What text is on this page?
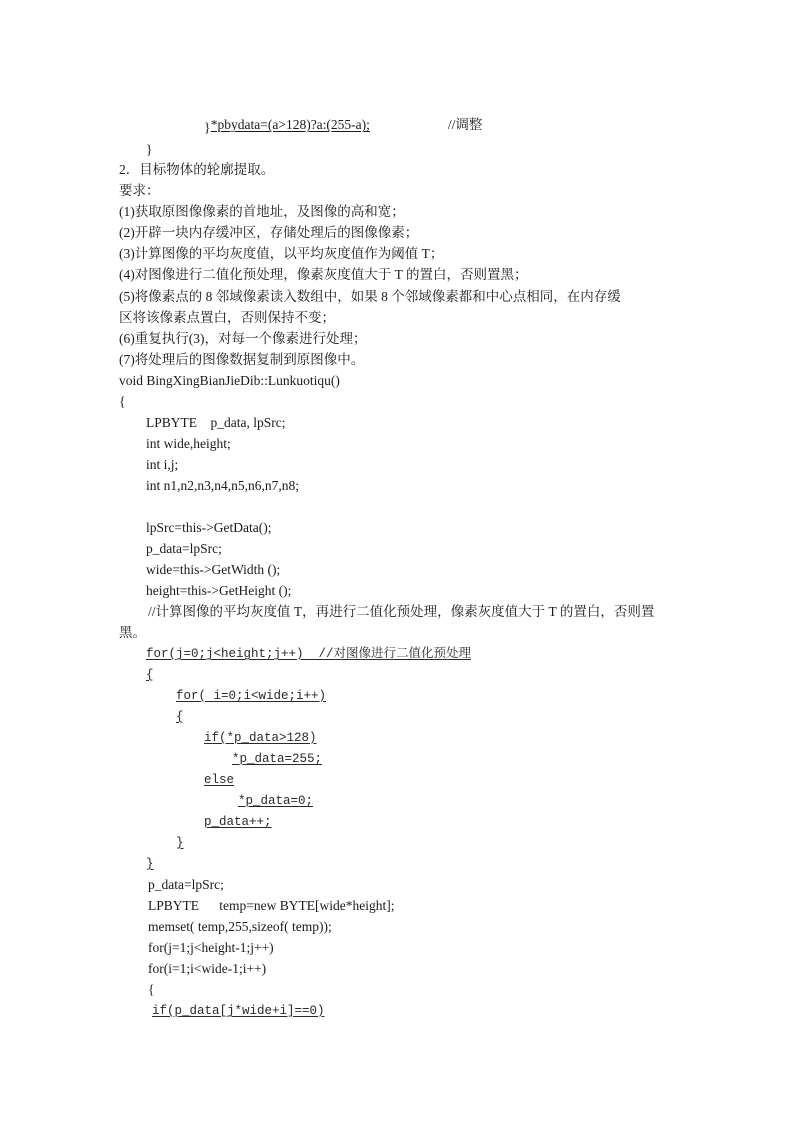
*pbydata=(a>128)?a:(255-a);	//调整

}
}
2．目标物体的轮廓提取。
要求：
(1)获取原图像像素的首地址，及图像的高和宽；
(2)开辟一块内存缓冲区，存储处理后的图像像素；
(3)计算图像的平均灰度值，以平均灰度值作为阈值 T；
(4)对图像进行二值化预处理，像素灰度值大于 T 的置白，否则置黑；
(5)将像素点的 8 邻域像素读入数组中，如果 8 个邻域像素都和中心点相同，在内存缓
区将该像素点置白，否则保持不变；
(6)重复执行(3)，对每一个像素进行处理；
(7)将处理后的图像数据复制到原图像中。
void BingXingBianJieDib::Lunkuotiqu()
{
LPBYTE    p_data, lpSrc;
int wide,height;
int i,j;
int n1,n2,n3,n4,n5,n6,n7,n8;
lpSrc=this->GetData();
p_data=lpSrc;
wide=this->GetWidth ();
height=this->GetHeight ();
//计算图像的平均灰度值 T，再进行二值化预处理，像素灰度值大于 T 的置白，否则置
黑。
for(j=0;j<height;j++)  //对图像进行二值化预处理
{
for( i=0;i<wide;i++)
{
if(*p_data>128)
*p_data=255;
else
*p_data=0;
p_data++;
}
}
p_data=lpSrc;
LPBYTE      temp=new BYTE[wide*height];
memset( temp,255,sizeof( temp));
for(j=1;j<height-1;j++)
for(i=1;i<wide-1;i++)
{
if(p_data[j*wide+i]==0)
